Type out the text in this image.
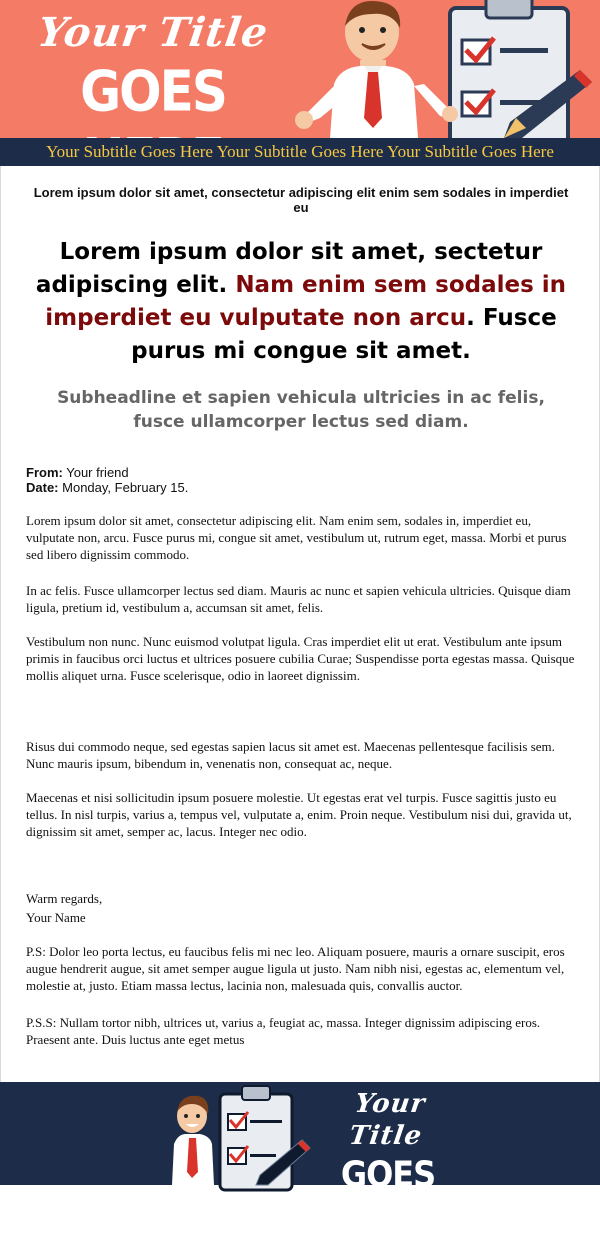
Your Title
GOES
Your Subtitle Goes Here Your Subtitle Goes Here Your Subtitle Goes Here
Lorem ipsum dolor sit amet, consectetur adipiscing elit enim sem sodales in imperdiet eu
Lorem ipsum dolor sit amet, sectetur adipiscing elit. Nam enim sem sodales in imperdiet eu vulputate non arcu. Fusce purus mi congue sit amet.
Subheadline et sapien vehicula ultricies in ac felis, fusce ullamcorper lectus sed diam.
From: Your friend
Date: Monday, February 15.

Lorem ipsum dolor sit amet, consectetur adipiscing elit. Nam enim sem, sodales in, imperdiet eu, vulputate non, arcu. Fusce purus mi, congue sit amet, vestibulum ut, rutrum eget, massa. Morbi et purus sed libero dignissim commodo.

In ac felis. Fusce ullamcorper lectus sed diam. Mauris ac nunc et sapien vehicula ultricies. Quisque diam ligula, pretium id, vestibulum a, accumsan sit amet, felis.

Vestibulum non nunc. Nunc euismod volutpat ligula. Cras imperdiet elit ut erat. Vestibulum ante ipsum primis in faucibus orci luctus et ultrices posuere cubilia Curae; Suspendisse porta egestas massa. Quisque mollis aliquet urna. Fusce scelerisque, odio in laoreet dignissim.

Risus dui commodo neque, sed egestas sapien lacus sit amet est. Maecenas pellentesque facilisis sem. Nunc mauris ipsum, bibendum in, venenatis non, consequat ac, neque.

Maecenas et nisi sollicitudin ipsum posuere molestie. Ut egestas erat vel turpis. Fusce sagittis justo eu tellus. In nisl turpis, varius a, tempus vel, vulputate a, enim. Proin neque. Vestibulum nisi dui, gravida ut, dignissim sit amet, semper ac, lacus. Integer nec odio.

Warm regards,

Your Name

P.S: Dolor leo porta lectus, eu faucibus felis mi nec leo. Aliquam posuere, mauris a ornare suscipit, eros augue hendrerit augue, sit amet semper augue ligula ut justo. Nam nibh nisi, egestas ac, elementum vel, molestie at, justo. Etiam massa lectus, lacinia non, malesuada quis, convallis auctor.

P.S.S: Nullam tortor nibh, ultrices ut, varius a, feugiat ac, massa. Integer dignissim adipiscing eros. Praesent ante. Duis luctus ante eget metus

Your Title
GOES HERE
